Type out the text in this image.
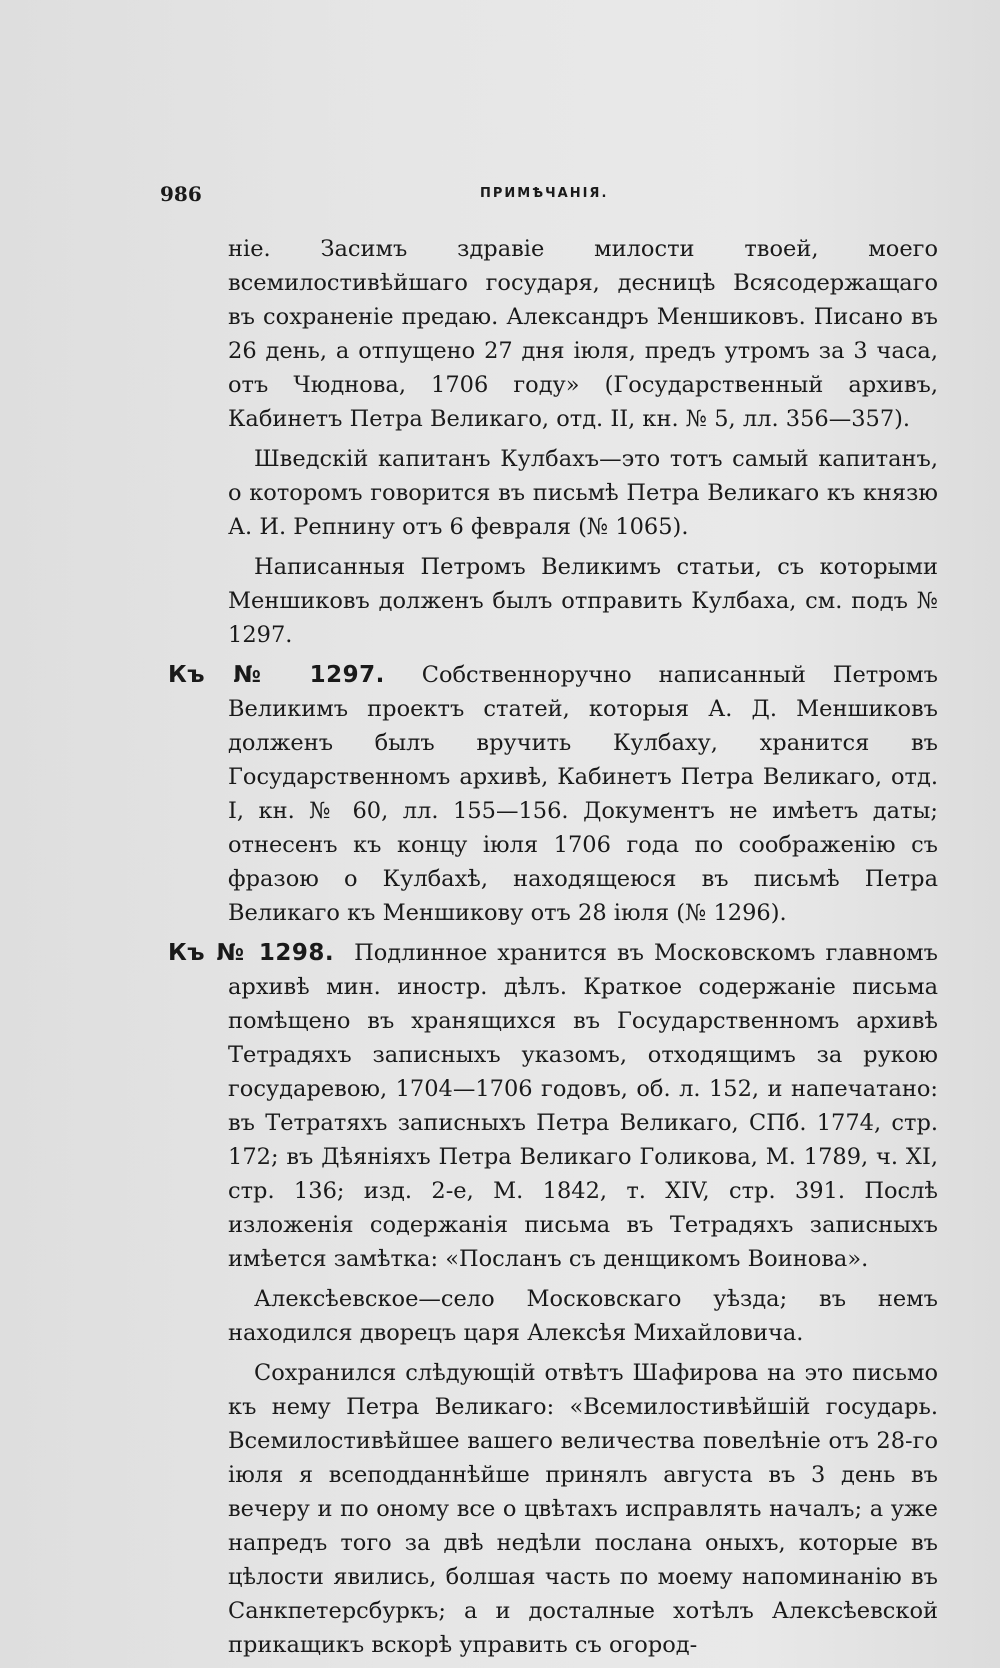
986	ПРИМѢЧАНІЯ.

ніе. Засимъ здравіе милости твоей, моего всемилостивѣйшаго государя, десницѣ Всясодержащаго въ сохраненіе предаю. Александръ Меншиковъ. Писано въ 26 день, а отпущено 27 дня іюля, предъ утромъ за 3 часа, отъ Чюднова, 1706 году» (Государственный архивъ, Кабинетъ Петра Великаго, отд. II, кн. № 5, лл. 356—357).

Шведскій капитанъ Кулбахъ—это тотъ самый капитанъ, о которомъ говорится въ письмѣ Петра Великаго къ князю А. И. Репнину отъ 6 февраля (№ 1065).

Написанныя Петромъ Великимъ статьи, съ которыми Меншиковъ долженъ былъ отправить Кулбаха, см. подъ № 1297.

Къ № 1297. Собственноручно написанный Петромъ Великимъ проектъ статей, которыя А. Д. Меншиковъ долженъ былъ вручить Кулбаху, хранится въ Государственномъ архивѣ, Кабинетъ Петра Великаго, отд. I, кн. № 60, лл. 155—156. Документъ не имѣетъ даты; отнесенъ къ концу іюля 1706 года по соображенію съ фразою о Кулбахѣ, находящеюся въ письмѣ Петра Великаго къ Меншикову отъ 28 іюля (№ 1296).

Къ № 1298. Подлинное хранится въ Московскомъ главномъ архивѣ мин. иностр. дѣлъ. Краткое содержаніе письма помѣщено въ хранящихся въ Государственномъ архивѣ Тетрадяхъ записныхъ указомъ, отходящимъ за рукою государевою, 1704—1706 годовъ, об. л. 152, и напечатано: въ Тетратяхъ записныхъ Петра Великаго, СПб. 1774, стр. 172; въ Дѣяніяхъ Петра Великаго Голикова, М. 1789, ч. XI, стр. 136; изд. 2-е, М. 1842, т. XIV, стр. 391. Послѣ изложенія содержанія письма въ Тетрадяхъ записныхъ имѣется замѣтка: «Посланъ съ денщикомъ Воинова».

Алексѣевское—село Московскаго уѣзда; въ немъ находился дворецъ царя Алексѣя Михайловича.

Сохранился слѣдующій отвѣтъ Шафирова на это письмо къ нему Петра Великаго: «Всемилостивѣйшій государь. Всемилостивѣйшее вашего величества повелѣніе отъ 28-го іюля я всеподданнѣйше принялъ августа въ 3 день въ вечеру и по оному все о цвѣтахъ исправлять началъ; а уже напредъ того за двѣ недѣли послана оныхъ, которые въ цѣлости явились, болшая часть по моему напоминанію въ Санкпетерсбуркъ; а и досталные хотѣлъ Алексѣевской прикащикъ вскорѣ управить съ огород-
